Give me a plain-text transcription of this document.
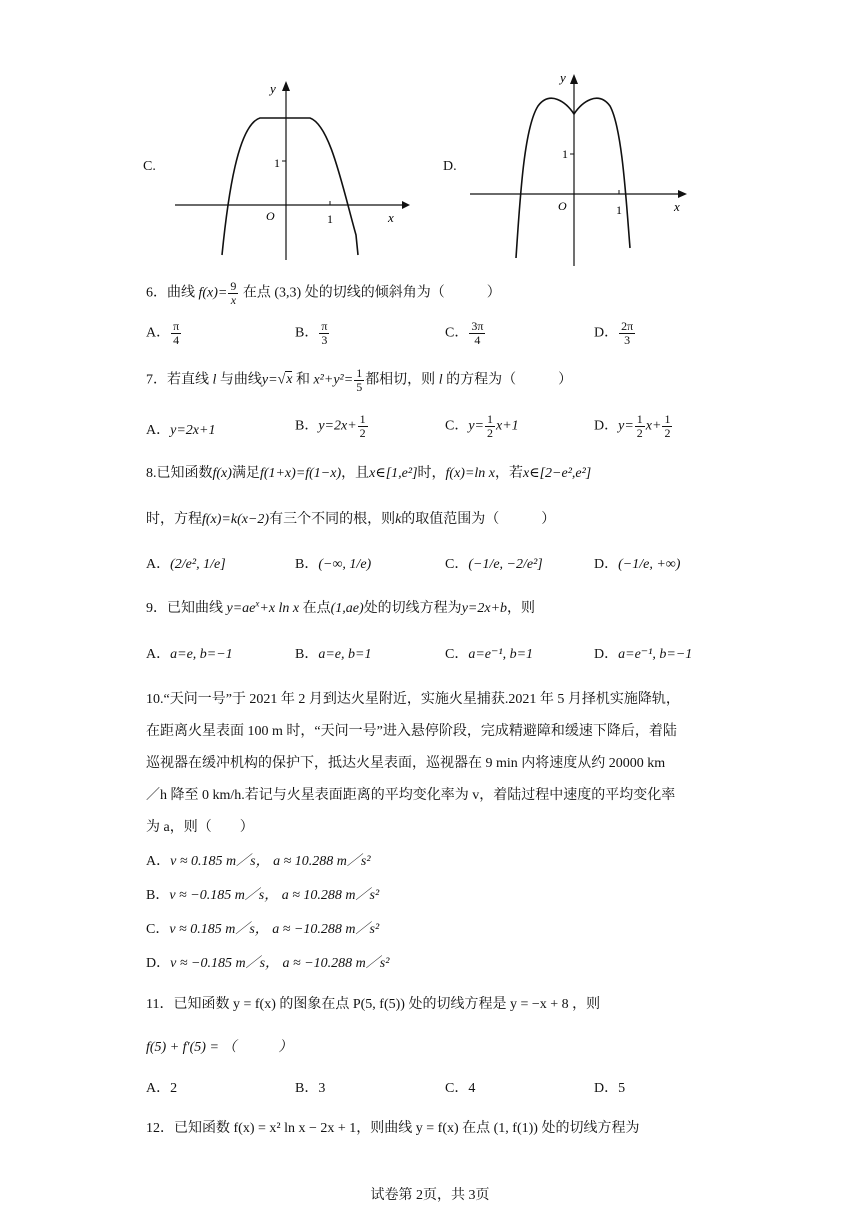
C.
y
x
O
1
1
D.
y
x
O
1
1
6．曲线 $f(x)= \frac{9}{x}$ 在点 (3,3) 处的切线的倾斜角为（　　　）
A． $\frac{\pi}{4}$	B． $\frac{\pi}{3}$	C． $\frac{3\pi}{4}$	D． $\frac{2\pi}{3}$
7．若直线 l 与曲线y=√x 和 $x^2+y^2= \frac{1}{5}$ 都相切，则 l 的方程为（　　　）
A．y=2x+1	B．$y=2x+ \frac{1}{2}$	C．$y= \frac{1}{2} x+1$	D．$y= \frac{1}{2} x+ \frac{1}{2}$
8.已知函数f(x)满足f(1+x)=f(1−x)，且x∈[1,e²]时，f(x)=ln x，若x∈[2−e²,e²]
时，方程f(x)=k(x−2)有三个不同的根，则k的取值范围为（　　　）
A．(2/e², 1/e]	B．(−∞, 1/e)	C．(−1/e, −2/e²]	D．(−1/e, +∞)
9．已知曲线 $y=ae^x+x$ ln x 在点(1,ae)处的切线方程为y=2x+b，则
A．a=e, b=−1	B．a=e, b=1	C．a=e⁻¹, b=1	D．a=e⁻¹, b=−1
10.“天问一号”于 2021 年 2 月到达火星附近，实施火星捕获.2021 年 5 月择机实施降轨，
在距离火星表面 100 m 时，“天问一号”进入悬停阶段，完成精避障和缓速下降后，着陆
巡视器在缓冲机构的保护下，抵达火星表面，巡视器在 9 min 内将速度从约 20000 km
／h 降至 0 km/h.若记与火星表面距离的平均变化率为 v，着陆过程中速度的平均变化率
为 a，则（　　）
A．v ≈ 0.185 m／s， a ≈ 10.288 m／s²
B．v ≈ −0.185 m／s， a ≈ 10.288 m／s²
C．v ≈ 0.185 m／s， a ≈ −10.288 m／s²
D．v ≈ −0.185 m／s， a ≈ −10.288 m／s²
11．已知函数 y = f(x) 的图象在点 P(5, f(5)) 处的切线方程是 y = −x + 8 ，则
f(5) + f′(5) = （　　　）
A．2	B．3	C．4	D．5
12．已知函数 f(x) = x² ln x − 2x + 1，则曲线 y = f(x) 在点 (1, f(1)) 处的切线方程为
试卷第 2页，共 3页
